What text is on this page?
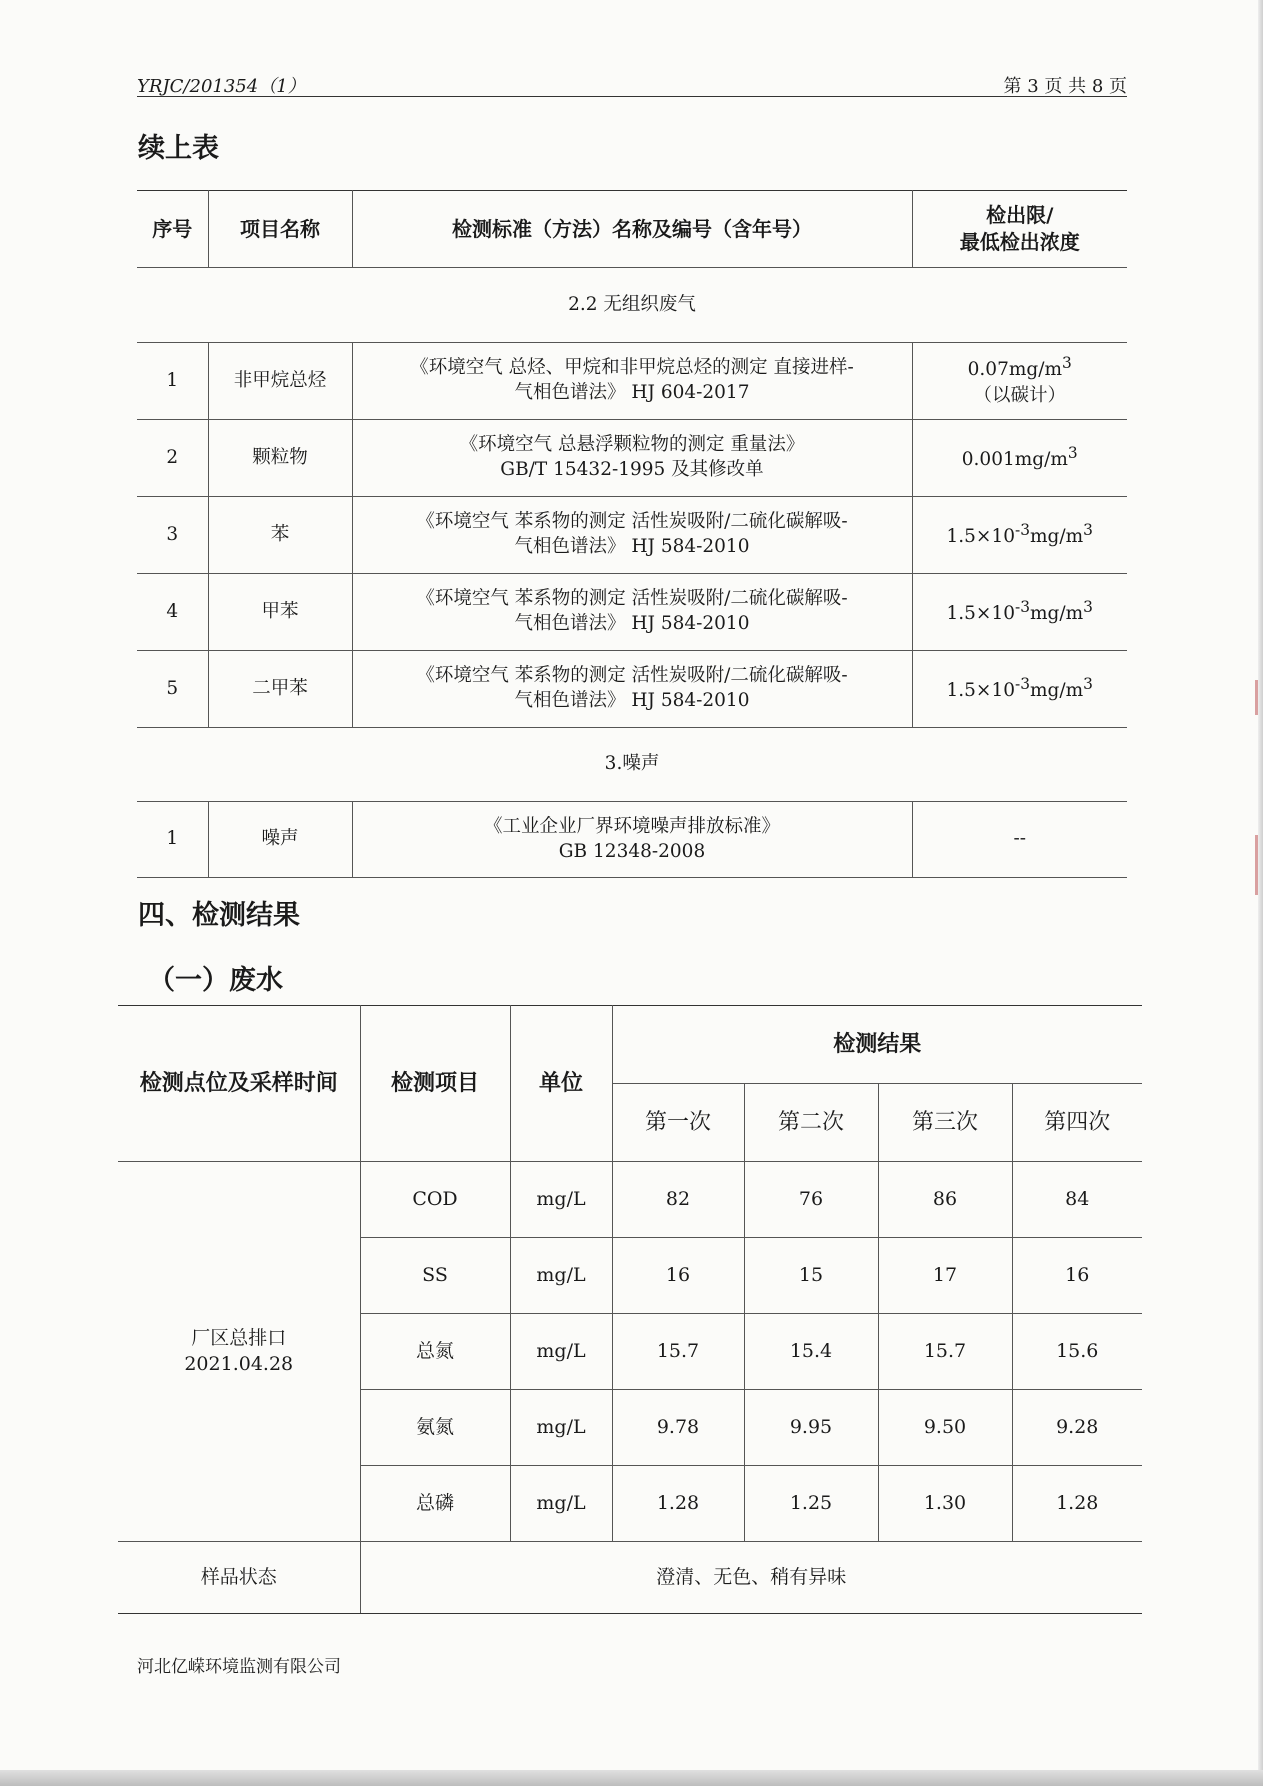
YRJC/201354（1）	第 3 页 共 8 页
续上表
序号	项目名称	检测标准（方法）名称及编号（含年号）	检出限/
最低检出浓度
2.2 无组织废气			
1	非甲烷总烃	《环境空气 总烃、甲烷和非甲烷总烃的测定 直接进样-
气相色谱法》 HJ 604-2017	$0.07mg/m^3$
（以碳计）
2	颗粒物	《环境空气 总悬浮颗粒物的测定 重量法》
GB/T 15432-1995 及其修改单	$0.001mg/m^3$
3	苯	《环境空气 苯系物的测定 活性炭吸附/二硫化碳解吸-
气相色谱法》 HJ 584-2010	$1.5\times 10^{-3}mg/m^3$
4	甲苯	《环境空气 苯系物的测定 活性炭吸附/二硫化碳解吸-
气相色谱法》 HJ 584-2010	$1.5\times 10^{-3}mg/m^3$
5	二甲苯	《环境空气 苯系物的测定 活性炭吸附/二硫化碳解吸-
气相色谱法》 HJ 584-2010	$1.5\times 10^{-3}mg/m^3$
3.噪声			
1	噪声	《工业企业厂界环境噪声排放标准》
GB 12348-2008	--
四、检测结果
（一）废水
检测点位及采样时间	检测项目	单位	检测结果			
			第一次	第二次	第三次	第四次
厂区总排口
2021.04.28	COD	mg/L	82	76	86	84
	SS	mg/L	16	15	17	16
	总氮	mg/L	15.7	15.4	15.7	15.6
	氨氮	mg/L	9.78	9.95	9.50	9.28
	总磷	mg/L	1.28	1.25	1.30	1.28
样品状态	澄清、无色、稍有异味					
河北亿嵘环境监测有限公司
